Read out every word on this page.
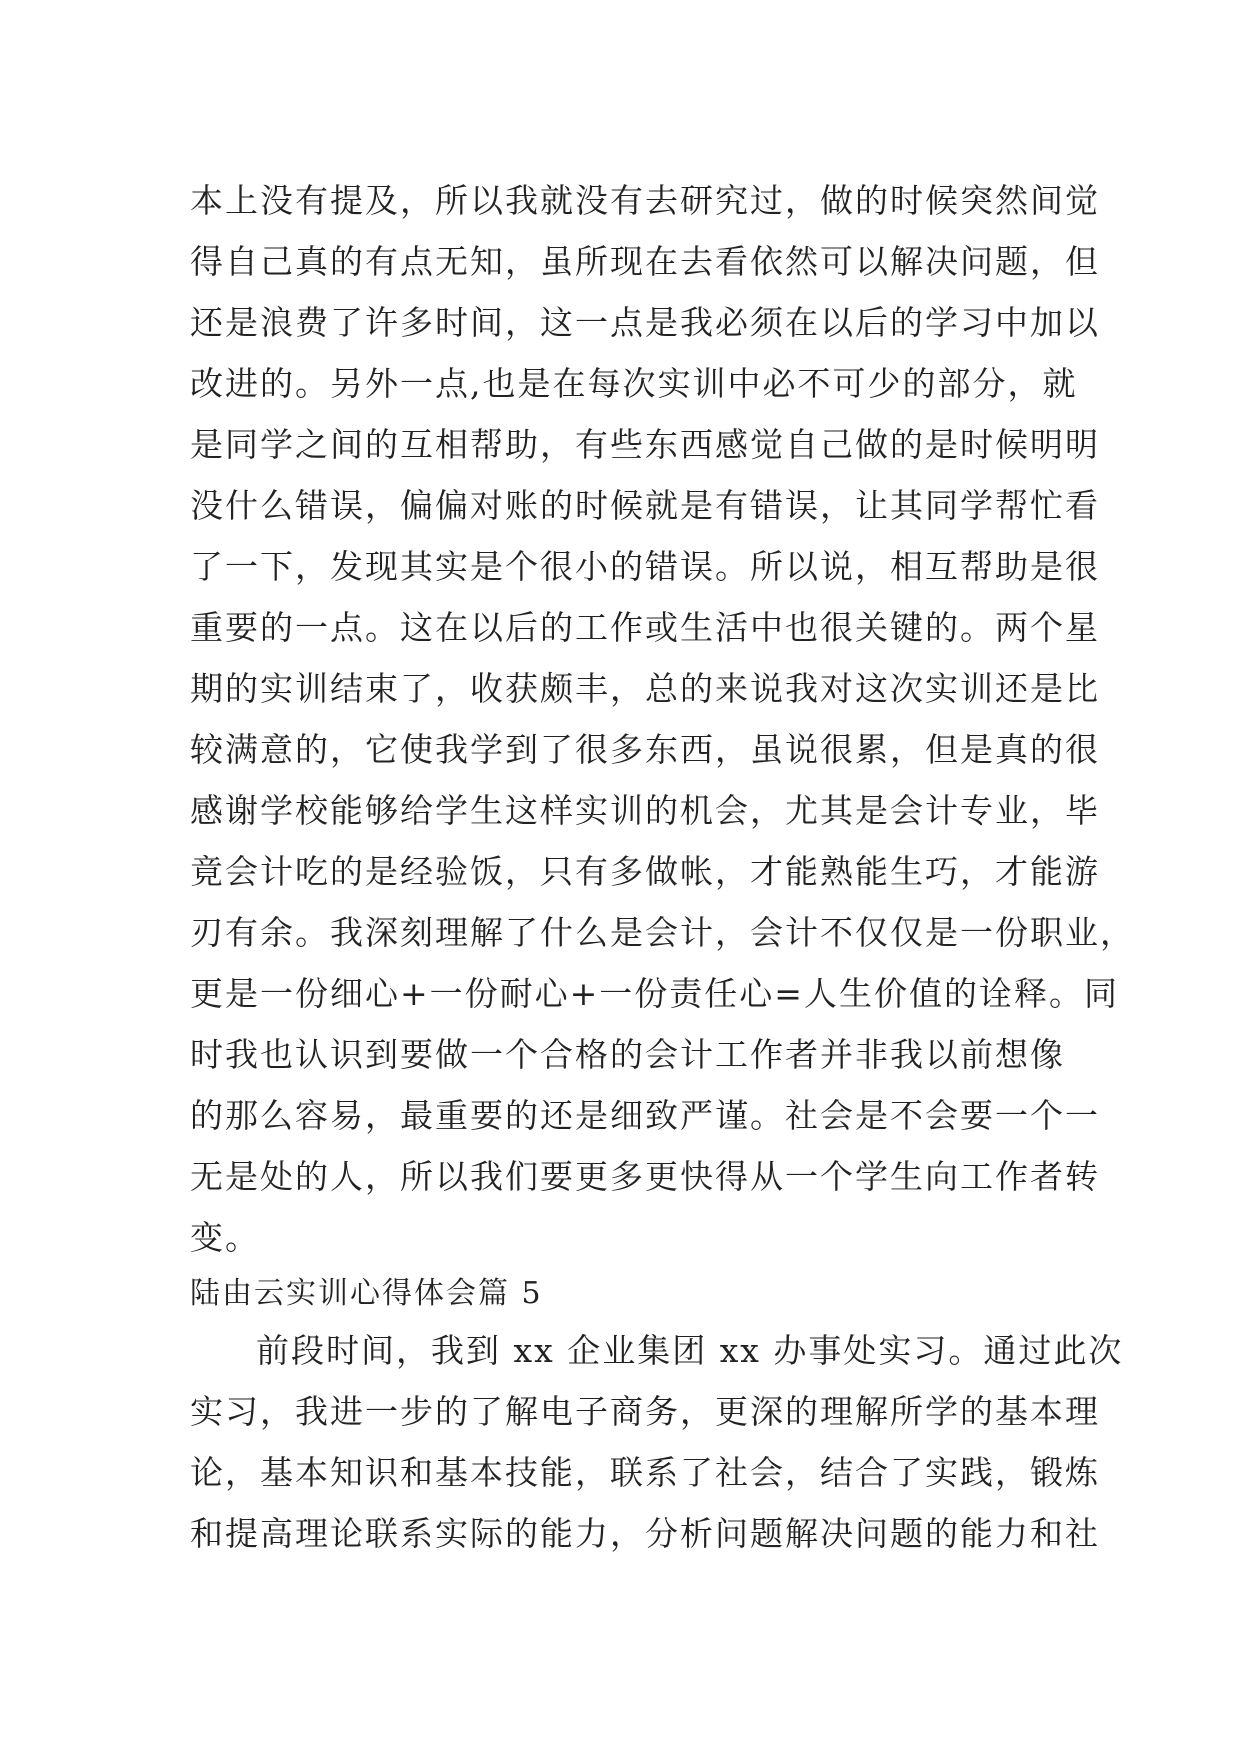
本上没有提及，所以我就没有去研究过，做的时候突然间觉
得自己真的有点无知，虽所现在去看依然可以解决问题，但
还是浪费了许多时间，这一点是我必须在以后的学习中加以
改进的。另外一点,也是在每次实训中必不可少的部分，就
是同学之间的互相帮助，有些东西感觉自己做的是时候明明
没什么错误，偏偏对账的时候就是有错误，让其同学帮忙看
了一下，发现其实是个很小的错误。所以说，相互帮助是很
重要的一点。这在以后的工作或生活中也很关键的。两个星
期的实训结束了，收获颇丰，总的来说我对这次实训还是比
较满意的，它使我学到了很多东西，虽说很累，但是真的很
感谢学校能够给学生这样实训的机会，尤其是会计专业，毕
竟会计吃的是经验饭，只有多做帐，才能熟能生巧，才能游
刃有余。我深刻理解了什么是会计，会计不仅仅是一份职业，
更是一份细心+一份耐心+一份责任心=人生价值的诠释。同
时我也认识到要做一个合格的会计工作者并非我以前想像
的那么容易，最重要的还是细致严谨。社会是不会要一个一
无是处的人，所以我们要更多更快得从一个学生向工作者转
变。
陆由云实训心得体会篇 5
前段时间，我到 xx 企业集团 xx 办事处实习。通过此次
实习，我进一步的了解电子商务，更深的理解所学的基本理
论，基本知识和基本技能，联系了社会，结合了实践，锻炼
和提高理论联系实际的能力，分析问题解决问题的能力和社
